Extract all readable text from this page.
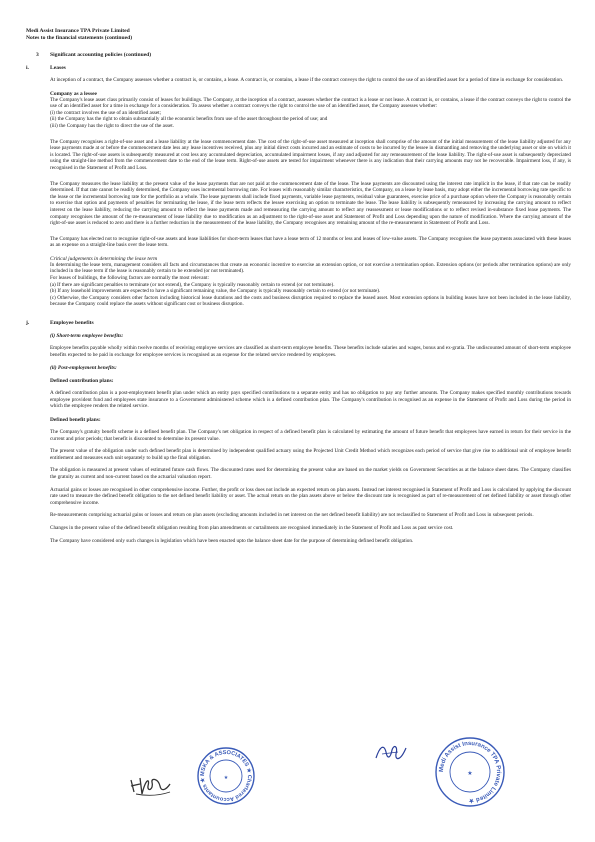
Medi Assist Insurance TPA Private Limited
Notes to the financial statements (continued)
3 Significant accounting policies (continued)
i.	Leases

At inception of a contract, the Company assesses whether a contract is, or contains, a lease. A contract is, or contains, a lease if the contract conveys the right to control the use of an identified asset for a period of time in exchange for consideration.

Company as a lessee

The Company's lease asset class primarily consist of leases for buildings. The Company, at the inception of a contract, assesses whether the contract is a lease or not lease. A contract is, or contains, a lease if the contract conveys the right to control the use of an identified asset for a time in exchange for a consideration. To assess whether a contract conveys the right to control the use of an identified asset, the Company assesses whether:

(i) the contract involves the use of an identified asset;

(ii) the Company has the right to obtain substantially all the economic benefits from use of the asset throughout the period of use; and

(iii) the Company has the right to direct the use of the asset.

The Company recognises a right-of-use asset and a lease liability at the lease commencement date. The cost of the right-of-use asset measured at inception shall comprise of the amount of the initial measurement of the lease liability adjusted for any lease payments made at or before the commencement date less any lease incentives received, plus any initial direct costs incurred and an estimate of costs to be incurred by the lessee in dismantling and removing the underlying asset or site on which it is located. The right-of-use assets is subsequently measured at cost less any accumulated depreciation, accumulated impairment losses, if any and adjusted for any remeasurement of the lease liability. The right-of-use asset is subsequently depreciated using the straight-line method from the commencement date to the end of the lease term. Right-of-use assets are tested for impairment whenever there is any indication that their carrying amounts may not be recoverable. Impairment loss, if any, is recognised in the Statement of Profit and Loss.

The Company measures the lease liability at the present value of the lease payments that are not paid at the commencement date of the lease. The lease payments are discounted using the interest rate implicit in the lease, if that rate can be readily determined. If that rate cannot be readily determined, the Company uses incremental borrowing rate. For leases with reasonably similar characteristics, the Company, on a lease by lease basis, may adopt either the incremental borrowing rate specific to the lease or the incremental borrowing rate for the portfolio as a whole. The lease payments shall include fixed payments, variable lease payments, residual value guarantees, exercise price of a purchase option where the Company is reasonably certain to exercise that option and payments of penalties for terminating the lease, if the lease term reflects the lessee exercising an option to terminate the lease. The lease liability is subsequently remeasured by increasing the carrying amount to reflect interest on the lease liability, reducing the carrying amount to reflect the lease payments made and remeasuring the carrying amount to reflect any reassessment or lease modifications or to reflect revised in-substance fixed lease payments. The company recognises the amount of the re-measurement of lease liability due to modification as an adjustment to the right-of-use asset and Statement of Profit and Loss depending upon the nature of modification. Where the carrying amount of the right-of-use asset is reduced to zero and there is a further reduction in the measurement of the lease liability, the Company recognises any remaining amount of the re-measurement in Statement of Profit and Loss.

The Company has elected not to recognise right-of-use assets and lease liabilities for short-term leases that have a lease term of 12 months or less and leases of low-value assets. The Company recognises the lease payments associated with these leases as an expense on a straight-line basis over the lease term.

Critical judgements in determining the lease term

In determining the lease term, management considers all facts and circumstances that create an economic incentive to exercise an extension option, or not exercise a termination option. Extension options (or periods after termination options) are only included in the lease term if the lease is reasonably certain to be extended (or not terminated).

For leases of buildings, the following factors are normally the most relevant:

(a) If there are significant penalties to terminate (or not extend), the Company is typically reasonably certain to extend (or not terminate).

(b) If any leasehold improvements are expected to have a significant remaining value, the Company is typically reasonably certain to extend (or not terminate).

(c) Otherwise, the Company considers other factors including historical lease durations and the costs and business disruption required to replace the leased asset. Most extension options in building leases have not been included in the lease liability, because the Company could replace the assets without significant cost or business disruption.

j.	Employee benefits
(i) Short-term employee benefits:

Employee benefits payable wholly within twelve months of receiving employee services are classified as short-term employee benefits. These benefits include salaries and wages, bonus and ex-gratia. The undiscounted amount of short-term employee benefits expected to be paid in exchange for employee services is recognised as an expense for the related service rendered by employees.

(ii) Post-employment benefits:
Defined contribution plans:

A defined contribution plan is a post-employment benefit plan under which an entity pays specified contributions to a separate entity and has no obligation to pay any further amounts. The Company makes specified monthly contributions towards employee provident fund and employees state insurance to a Government administered scheme which is a defined contribution plan. The Company's contribution is recognised as an expense in the Statement of Profit and Loss during the period in which the employee renders the related service.

Defined benefit plans:

The Company's gratuity benefit scheme is a defined benefit plan. The Company's net obligation in respect of a defined benefit plan is calculated by estimating the amount of future benefit that employees have earned in return for their service in the current and prior periods; that benefit is discounted to determine its present value.

The present value of the obligation under such defined benefit plan is determined by independent qualified actuary using the Projected Unit Credit Method which recognizes each period of service that give rise to additional unit of employee benefit entitlement and measures each unit separately to build up the final obligation.

The obligation is measured at present values of estimated future cash flows. The discounted rates used for determining the present value are based on the market yields on Government Securities as at the balance sheet dates. The Company classifies the gratuity as current and non-current based on the actuarial valuation report.

Actuarial gains or losses are recognised in other comprehensive income. Further, the profit or loss does not include an expected return on plan assets. Instead net interest recognised in Statement of Profit and Loss is calculated by applying the discount rate used to measure the defined benefit obligation to the net defined benefit liability or asset. The actual return on the plan assets above or below the discount rate is recognised as part of re-measurement of net defined liability or asset through other comprehensive income.

Re-measurements comprising actuarial gains or losses and return on plan assets (excluding amounts included in net interest on the net defined benefit liability) are not reclassified to Statement of Profit and Loss in subsequent periods.

Changes in the present value of the defined benefit obligation resulting from plan amendments or curtailments are recognised immediately in the Statement of Profit and Loss as past service cost.

The Company have considered only such changes in legislation which have been enacted upto the balance sheet date for the purpose of determining defined benefit obligation.

MSKA & ASSOCIATES ★ Chartered Accountants ★	★
Medi Assist Insurance TPA Private Limited ★
★
